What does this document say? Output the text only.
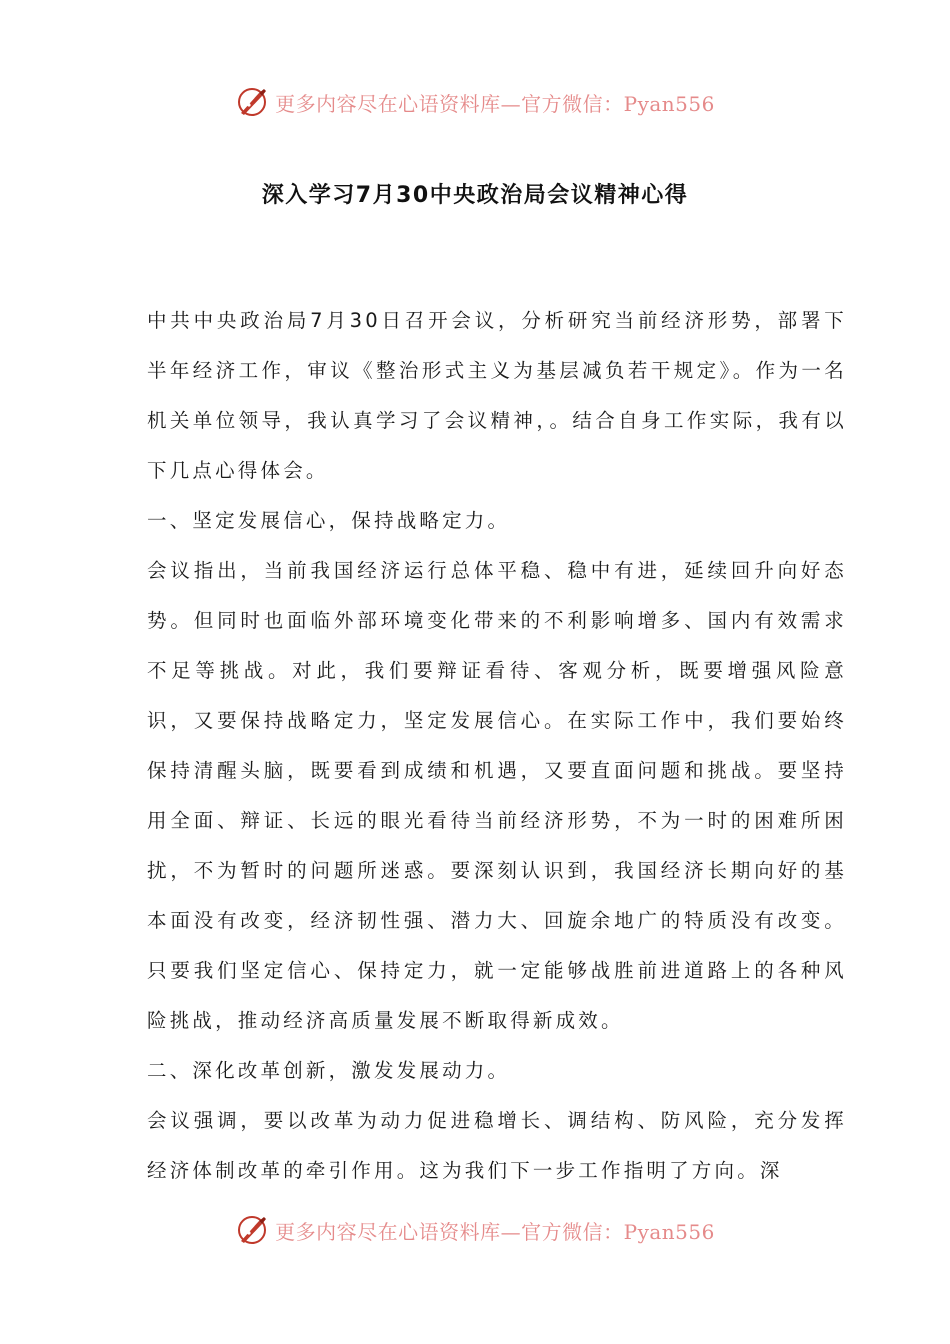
更多内容尽在心语资料库—官方微信：Pyan556
深入学习7月30中央政治局会议精神心得

中共中央政治局7月30日召开会议，分析研究当前经济形势，部署下半年经济工作，审议《整治形式主义为基层减负若干规定》。作为一名机关单位领导，我认真学习了会议精神，。结合自身工作实际，我有以下几点心得体会。

一、坚定发展信心，保持战略定力。

会议指出，当前我国经济运行总体平稳、稳中有进，延续回升向好态势。但同时也面临外部环境变化带来的不利影响增多、国内有效需求不足等挑战。对此，我们要辩证看待、客观分析，既要增强风险意识，又要保持战略定力，坚定发展信心。在实际工作中，我们要始终保持清醒头脑，既要看到成绩和机遇，又要直面问题和挑战。要坚持用全面、辩证、长远的眼光看待当前经济形势，不为一时的困难所困扰，不为暂时的问题所迷惑。要深刻认识到，我国经济长期向好的基本面没有改变，经济韧性强、潜力大、回旋余地广的特质没有改变。只要我们坚定信心、保持定力，就一定能够战胜前进道路上的各种风险挑战，推动经济高质量发展不断取得新成效。

二、深化改革创新，激发发展动力。

会议强调，要以改革为动力促进稳增长、调结构、防风险，充分发挥经济体制改革的牵引作用。这为我们下一步工作指明了方向。深

更多内容尽在心语资料库—官方微信：Pyan556
